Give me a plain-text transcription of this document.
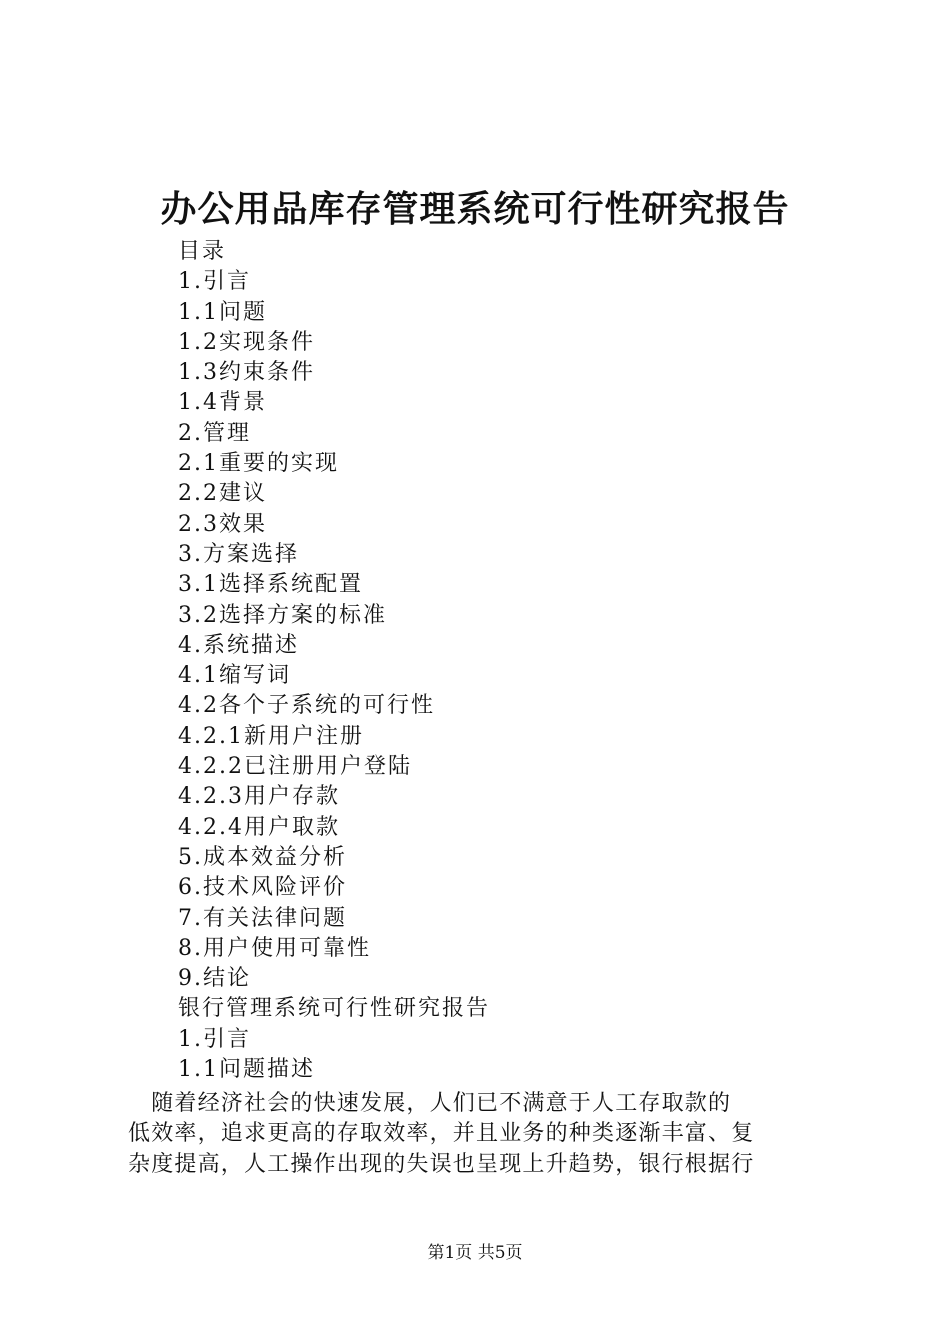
办公用品库存管理系统可行性研究报告
目录
1.引言
1.1问题
1.2实现条件
1.3约束条件
1.4背景
2.管理
2.1重要的实现
2.2建议
2.3效果
3.方案选择
3.1选择系统配置
3.2选择方案的标准
4.系统描述
4.1缩写词
4.2各个子系统的可行性
4.2.1新用户注册
4.2.2已注册用户登陆
4.2.3用户存款
4.2.4用户取款
5.成本效益分析
6.技术风险评价
7.有关法律问题
8.用户使用可靠性
9.结论
银行管理系统可行性研究报告
1.引言
1.1问题描述
　随着经济社会的快速发展，人们已不满意于人工存取款的
低效率，追求更高的存取效率，并且业务的种类逐渐丰富、复
杂度提高，人工操作出现的失误也呈现上升趋势，银行根据行
第1页 共5页
